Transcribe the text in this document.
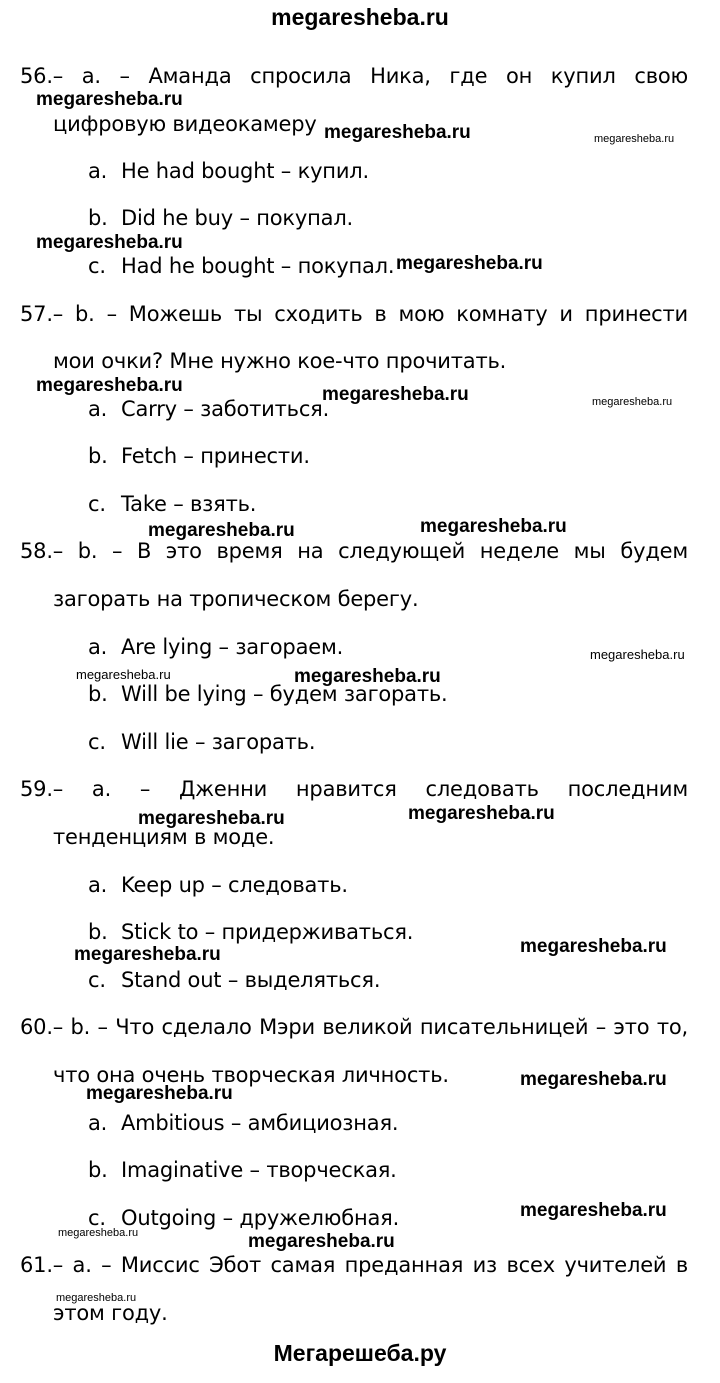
megaresheba.ru
56.– a. – Аманда спросила Ника, где он купил свою
цифровую видеокамеру
a. He had bought – купил.
b. Did he buy – покупал.
c. Had he bought – покупал.
57.– b. – Можешь ты сходить в мою комнату и принести
мои очки? Мне нужно кое-что прочитать.
a. Carry – заботиться.
b. Fetch – принести.
c. Take – взять.
58.– b. – В это время на следующей неделе мы будем
загорать на тропическом берегу.
a. Are lying – загораем.
b. Will be lying – будем загорать.
c. Will lie – загорать.
59.– a. – Дженни нравится следовать последним
тенденциям в моде.
a. Keep up – следовать.
b. Stick to – придерживаться.
c. Stand out – выделяться.
60.– b. – Что сделало Мэри великой писательницей – это то,
что она очень творческая личность.
a. Ambitious – амбициозная.
b. Imaginative – творческая.
c. Outgoing – дружелюбная.
61.– a. – Миссис Эбот самая преданная из всех учителей в
этом году.
Мегарешеба.ру
megaresheba.ru
megaresheba.ru	megaresheba.ru
megaresheba.ru
megaresheba.ru
megaresheba.ru	megaresheba.ru	megaresheba.ru
megaresheba.ru	megaresheba.ru
megaresheba.ru
megaresheba.ru	megaresheba.ru
megaresheba.ru	megaresheba.ru
megaresheba.ru	megaresheba.ru
megaresheba.ru
megaresheba.ru
megaresheba.ru
megaresheba.ru	megaresheba.ru
megaresheba.ru
